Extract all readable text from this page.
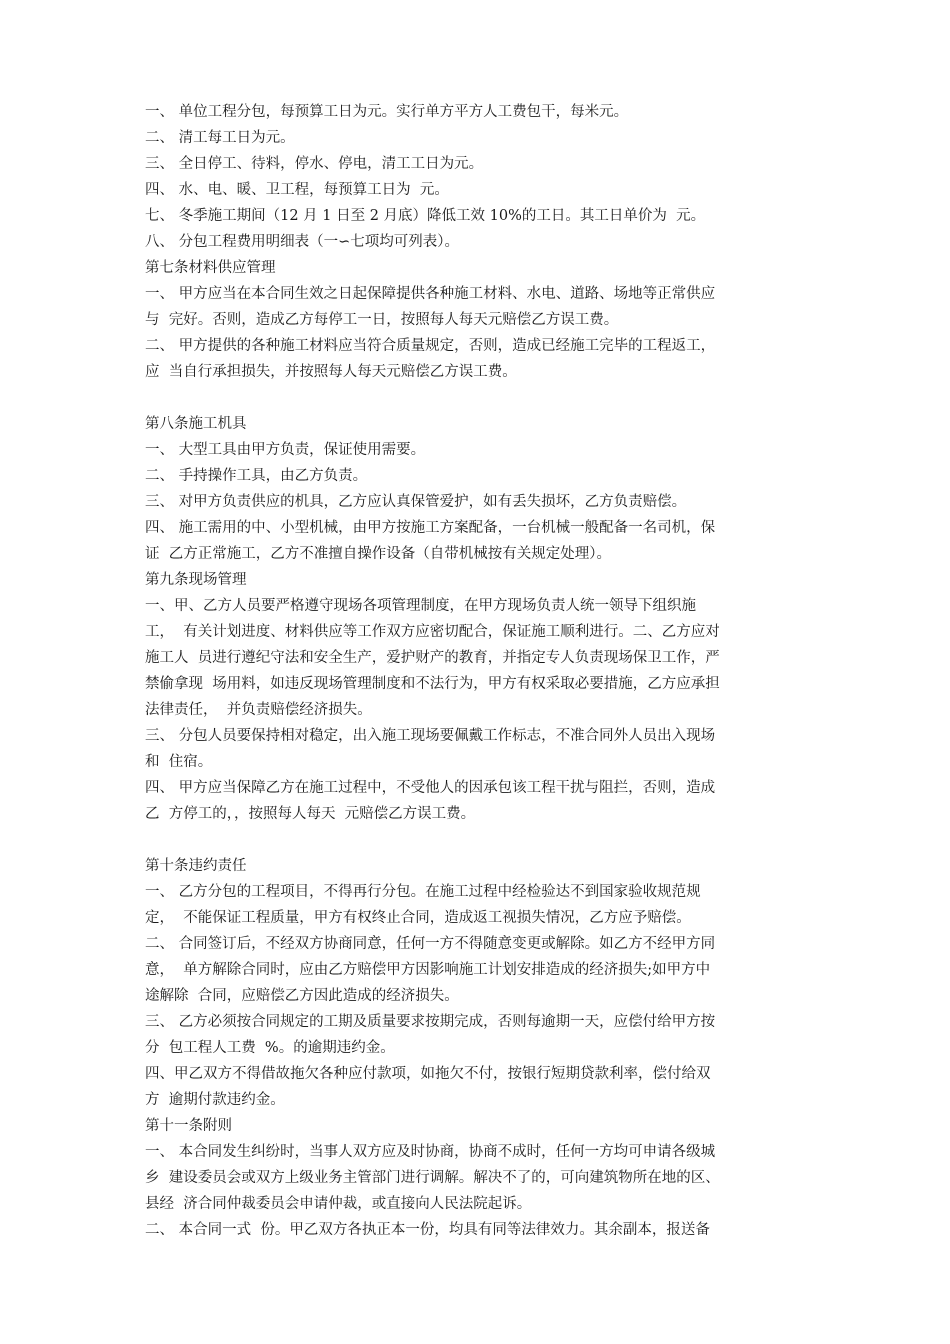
一、 单位工程分包，每预算工日为元。实行单方平方人工费包干，每米元。

二、 清工每工日为元。

三、 全日停工、待料，停水、停电，清工工日为元。

四、 水、电、暖、卫工程，每预算工日为  元。

七、 冬季施工期间（12 月 1 日至 2 月底）降低工效 10%的工日。其工日单价为  元。

八、 分包工程费用明细表（一∽七项均可列表）。

第七条材料供应管理

一、 甲方应当在本合同生效之日起保障提供各种施工材料、水电、道路、场地等正常供应

与  完好。否则，造成乙方每停工一日，按照每人每天元赔偿乙方误工费。

二、 甲方提供的各种施工材料应当符合质量规定，否则，造成已经施工完毕的工程返工，

应  当自行承担损失，并按照每人每天元赔偿乙方误工费。

第八条施工机具

一、 大型工具由甲方负责，保证使用需要。

二、 手持操作工具，由乙方负责。

三、 对甲方负责供应的机具，乙方应认真保管爱护，如有丢失损坏，乙方负责赔偿。

四、 施工需用的中、小型机械，由甲方按施工方案配备，一台机械一般配备一名司机，保

证  乙方正常施工，乙方不准擅自操作设备（自带机械按有关规定处理）。

第九条现场管理

一、甲、乙方人员要严格遵守现场各项管理制度，在甲方现场负责人统一领导下组织施

工，  有关计划进度、材料供应等工作双方应密切配合，保证施工顺利进行。二、乙方应对

施工人  员进行遵纪守法和安全生产，爱护财产的教育，并指定专人负责现场保卫工作，严

禁偷拿现  场用料，如违反现场管理制度和不法行为，甲方有权采取必要措施，乙方应承担

法律责任，  并负责赔偿经济损失。

三、 分包人员要保持相对稳定，出入施工现场要佩戴工作标志，不准合同外人员出入现场

和  住宿。

四、 甲方应当保障乙方在施工过程中，不受他人的因承包该工程干扰与阻拦，否则，造成

乙  方停工的，，按照每人每天  元赔偿乙方误工费。

第十条违约责任

一、 乙方分包的工程项目，不得再行分包。在施工过程中经检验达不到国家验收规范规

定，  不能保证工程质量，甲方有权终止合同，造成返工视损失情况，乙方应予赔偿。

二、 合同签订后，不经双方协商同意，任何一方不得随意变更或解除。如乙方不经甲方同

意，  单方解除合同时，应由乙方赔偿甲方因影响施工计划安排造成的经济损失;如甲方中

途解除  合同，应赔偿乙方因此造成的经济损失。

三、 乙方必须按合同规定的工期及质量要求按期完成，否则每逾期一天，应偿付给甲方按

分  包工程人工费  %。的逾期违约金。

四、甲乙双方不得借故拖欠各种应付款项，如拖欠不付，按银行短期贷款利率，偿付给双

方  逾期付款违约金。

第十一条附则

一、 本合同发生纠纷时，当事人双方应及时协商，协商不成时，任何一方均可申请各级城

乡  建设委员会或双方上级业务主管部门进行调解。解决不了的，可向建筑物所在地的区、

县经  济合同仲裁委员会申请仲裁，或直接向人民法院起诉。

二、 本合同一式  份。甲乙双方各执正本一份，均具有同等法律效力。其余副本，报送备
